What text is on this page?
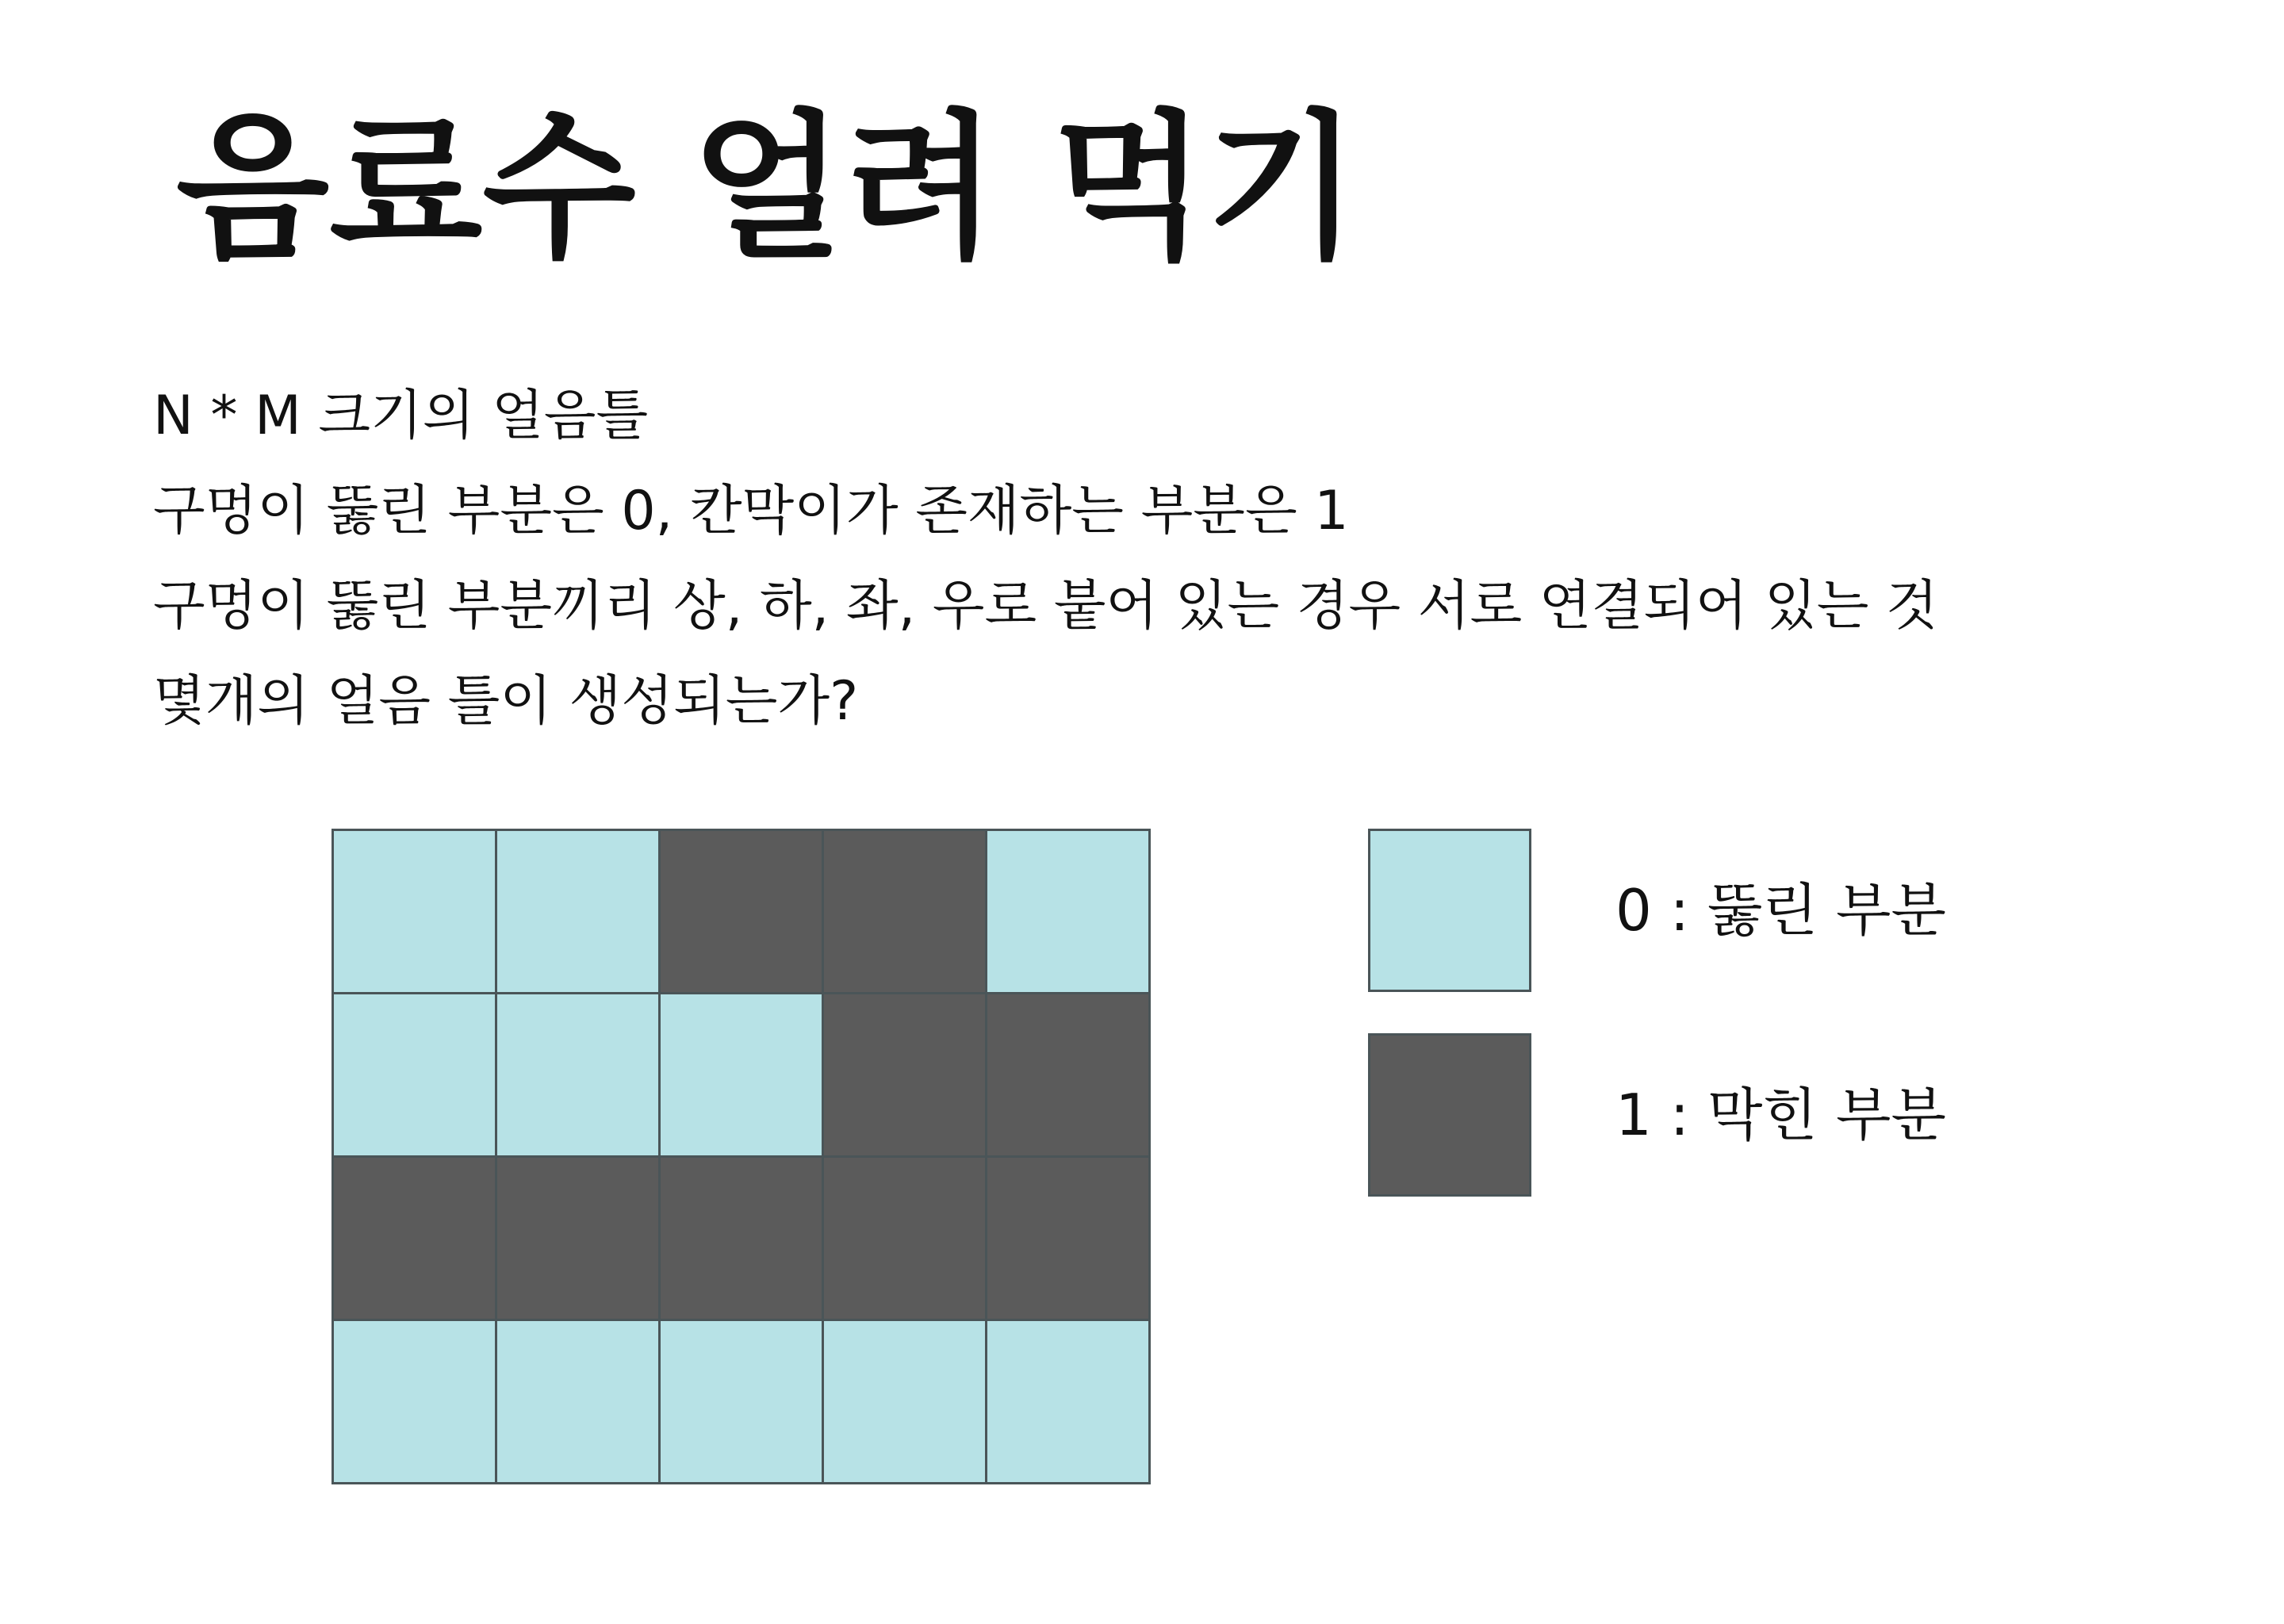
음료수 얼려 먹기
N * M 크기의 얼음틀
구멍이 뚫린 부분은 0, 칸막이가 존재하는 부분은 1
구멍이 뚫린 부분끼리 상, 하, 좌, 우로 붙어 있는 경우 서로 연결되어 있는 것
몇개의 얼음 틀이 생성되는가?
0 : 뚫린 부분
1 : 막힌 부분
